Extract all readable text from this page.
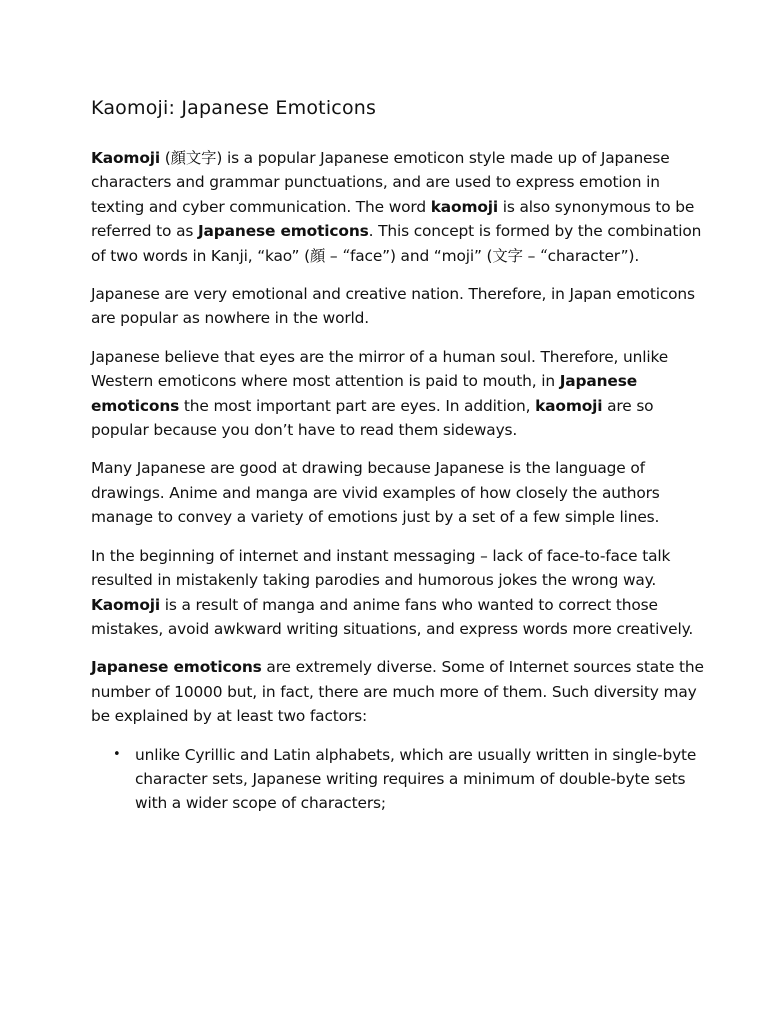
Kaomoji: Japanese Emoticons

Kaomoji (顔文字) is a popular Japanese emoticon style made up of Japanese characters and grammar punctuations, and are used to express emotion in texting and cyber communication. The word kaomoji is also synonymous to be referred to as Japanese emoticons. This concept is formed by the combination of two words in Kanji, “kao” (顔 – “face”) and “moji” (文字 – “character”).

Japanese are very emotional and creative nation. Therefore, in Japan emoticons are popular as nowhere in the world.

Japanese believe that eyes are the mirror of a human soul. Therefore, unlike Western emoticons where most attention is paid to mouth, in Japanese emoticons the most important part are eyes. In addition, kaomoji are so popular because you don’t have to read them sideways.

Many Japanese are good at drawing because Japanese is the language of drawings. Anime and manga are vivid examples of how closely the authors manage to convey a variety of emotions just by a set of a few simple lines.

In the beginning of internet and instant messaging – lack of face-to-face talk resulted in mistakenly taking parodies and humorous jokes the wrong way. Kaomoji is a result of manga and anime fans who wanted to correct those mistakes, avoid awkward writing situations, and express words more creatively.

Japanese emoticons are extremely diverse. Some of Internet sources state the number of 10000 but, in fact, there are much more of them. Such diversity may be explained by at least two factors:

• unlike Cyrillic and Latin alphabets, which are usually written in single-byte character sets, Japanese writing requires a minimum of double-byte sets with a wider scope of characters;
